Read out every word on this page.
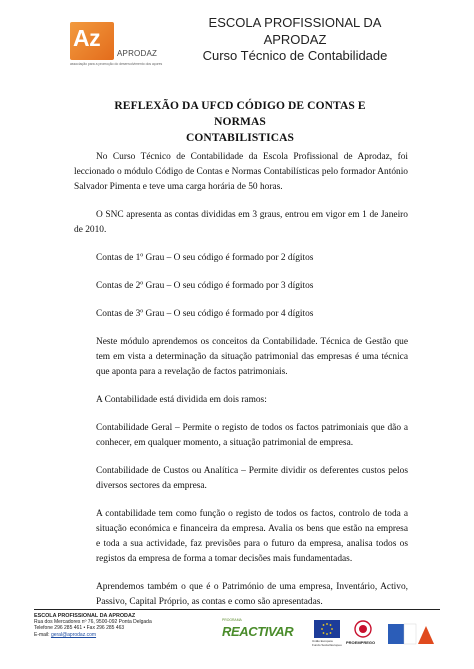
Az
APRODAZ
associação para a promoção do desenvolvimento dos açores
ESCOLA PROFISSIONAL DA
APRODAZ
Curso Técnico de Contabilidade
REFLEXÃO DA UFCD CÓDIGO DE CONTAS E NORMAS
CONTABILISTICAS

No Curso Técnico de Contabilidade da Escola Profissional de Aprodaz, foi leccionado o módulo Código de Contas e Normas Contabilísticas pelo formador António Salvador Pimenta e teve uma carga horária de 50 horas.

O SNC apresenta as contas divididas em 3 graus, entrou em vigor em 1 de Janeiro de 2010.

Contas de 1º Grau – O seu código é formado por 2 dígitos

Contas de 2º Grau – O seu código é formado por 3 dígitos

Contas de 3º Grau – O seu código é formado por 4 dígitos

Neste módulo aprendemos os conceitos da Contabilidade. Técnica de Gestão que tem em vista a determinação da situação patrimonial das empresas é uma técnica que aponta para a revelação de factos patrimoniais.

A Contabilidade está dividida em dois ramos:

Contabilidade Geral – Permite o registo de todos os factos patrimoniais que dão a conhecer, em qualquer momento, a situação patrimonial de empresa.

Contabilidade de Custos ou Analítica – Permite dividir os deferentes custos pelos diversos sectores da empresa.

A contabilidade tem como função o registo de todos os factos, controlo de toda a situação económica e financeira da empresa. Avalia os bens que estão na empresa e toda a sua actividade, faz previsões para o futuro da empresa, analisa todos os registos da empresa de forma a tomar decisões mais fundamentadas.

Aprendemos também o que é o Património de uma empresa, Inventário, Activo, Passivo, Capital Próprio, as contas e como são apresentadas.

ESCOLA PROFISSIONAL DA APRODAZ
Rua dos Mercadores nº 76, 9500-092 Ponta Delgada
Telefone 296 285 461 • Fax 296 285 463
E-mail: geral@aprodaz.com
PROGRAMA
REACTIVAR
União Europeia Fundo Social Europeu PROEMPREGO
